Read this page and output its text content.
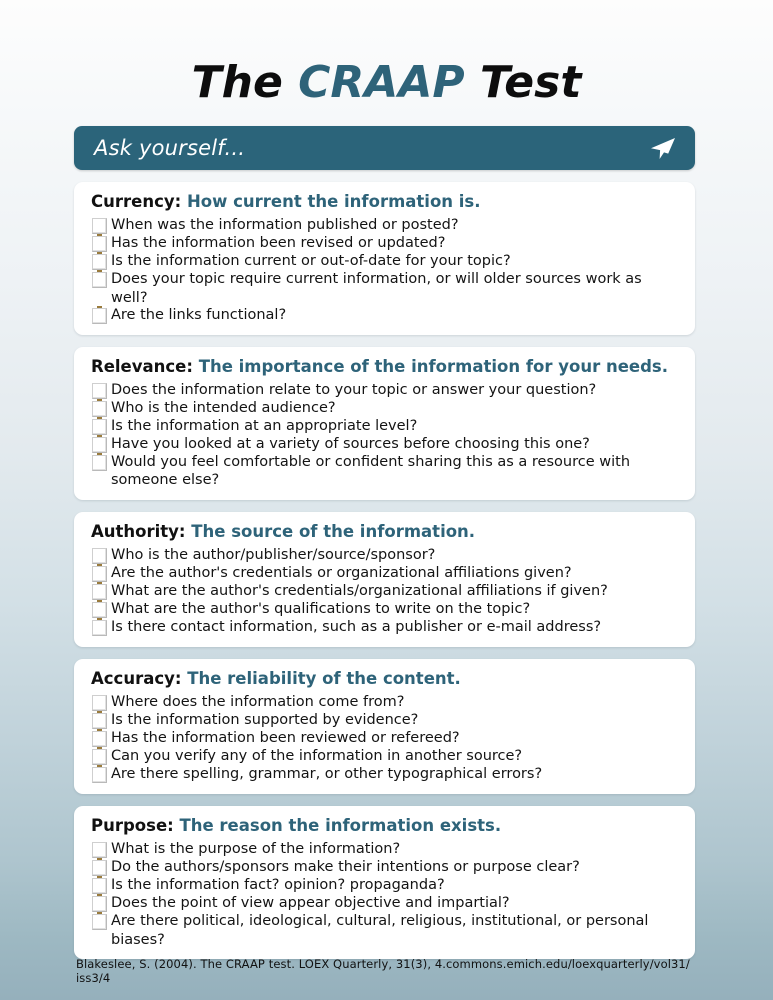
The CRAAP Test
Ask yourself...
Currency: How current the information is.
When was the information published or posted?
Has the information been revised or updated?
Is the information current or out-of-date for your topic?
Does your topic require current information, or will older sources work as well?
Are the links functional?
Relevance: The importance of the information for your needs.
Does the information relate to your topic or answer your question?
Who is the intended audience?
Is the information at an appropriate level?
Have you looked at a variety of sources before choosing this one?
Would you feel comfortable or confident sharing this as a resource with someone else?
Authority: The source of the information.
Who is the author/publisher/source/sponsor?
Are the author's credentials or organizational affiliations given?
What are the author's credentials/organizational affiliations if given?
What are the author's qualifications to write on the topic?
Is there contact information, such as a publisher or e-mail address?
Accuracy: The reliability of the content.
Where does the information come from?
Is the information supported by evidence?
Has the information been reviewed or refereed?
Can you verify any of the information in another source?
Are there spelling, grammar, or other typographical errors?
Purpose: The reason the information exists.
What is the purpose of the information?
Do the authors/sponsors make their intentions or purpose clear?
Is the information fact? opinion? propaganda?
Does the point of view appear objective and impartial?
Are there political, ideological, cultural, religious, institutional, or personal biases?
Blakeslee, S. (2004). The CRAAP test. LOEX Quarterly, 31(3), 4.commons.emich.edu/loexquarterly/vol31/ iss3/4
